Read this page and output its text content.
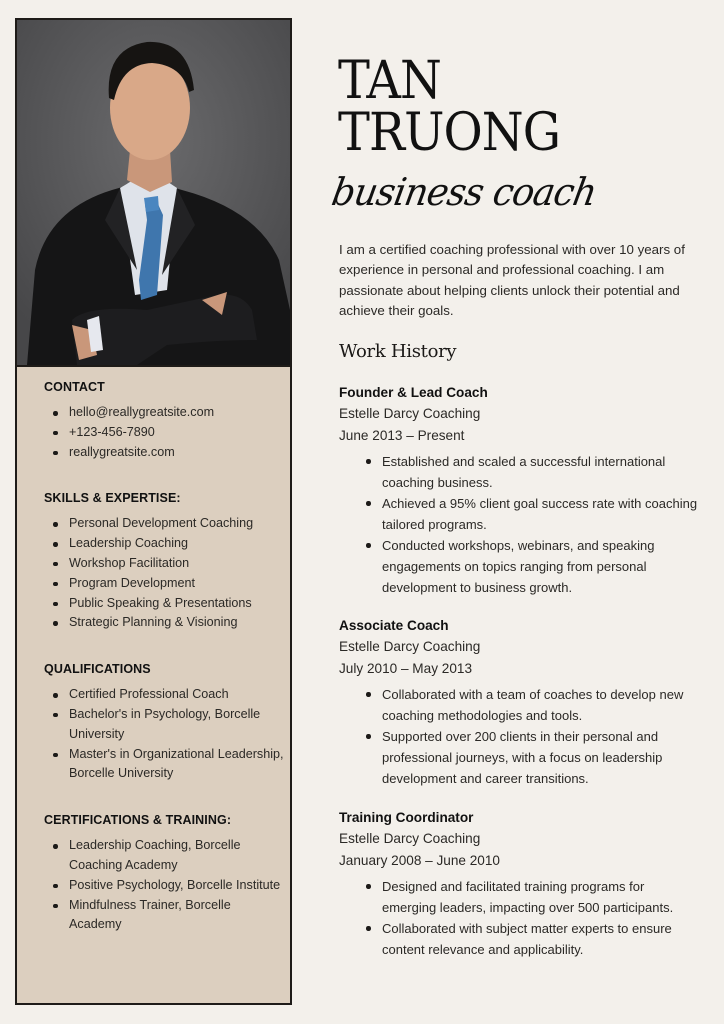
CONTACT
hello@reallygreatsite.com
+123-456-7890
reallygreatsite.com
SKILLS & EXPERTISE:
Personal Development Coaching
Leadership Coaching
Workshop Facilitation
Program Development
Public Speaking & Presentations
Strategic Planning & Visioning
QUALIFICATIONS
Certified Professional Coach
Bachelor's in Psychology, Borcelle University
Master's in Organizational Leadership, Borcelle University
CERTIFICATIONS & TRAINING:
Leadership Coaching, Borcelle Coaching Academy
Positive Psychology, Borcelle Institute
Mindfulness Trainer, Borcelle Academy
TAN
TRUONG
business coach

I am a certified coaching professional with over 10 years of experience in personal and professional coaching. I am passionate about helping clients unlock their potential and achieve their goals.

Work History
Founder & Lead Coach
Estelle Darcy Coaching
June 2013 – Present
Established and scaled a successful international coaching business.
Achieved a 95% client goal success rate with coaching tailored programs.
Conducted workshops, webinars, and speaking engagements on topics ranging from personal development to business growth.
Associate Coach
Estelle Darcy Coaching
July 2010 – May 2013
Collaborated with a team of coaches to develop new coaching methodologies and tools.
Supported over 200 clients in their personal and professional journeys, with a focus on leadership development and career transitions.
Training Coordinator
Estelle Darcy Coaching
January 2008 – June 2010
Designed and facilitated training programs for emerging leaders, impacting over 500 participants.
Collaborated with subject matter experts to ensure content relevance and applicability.
